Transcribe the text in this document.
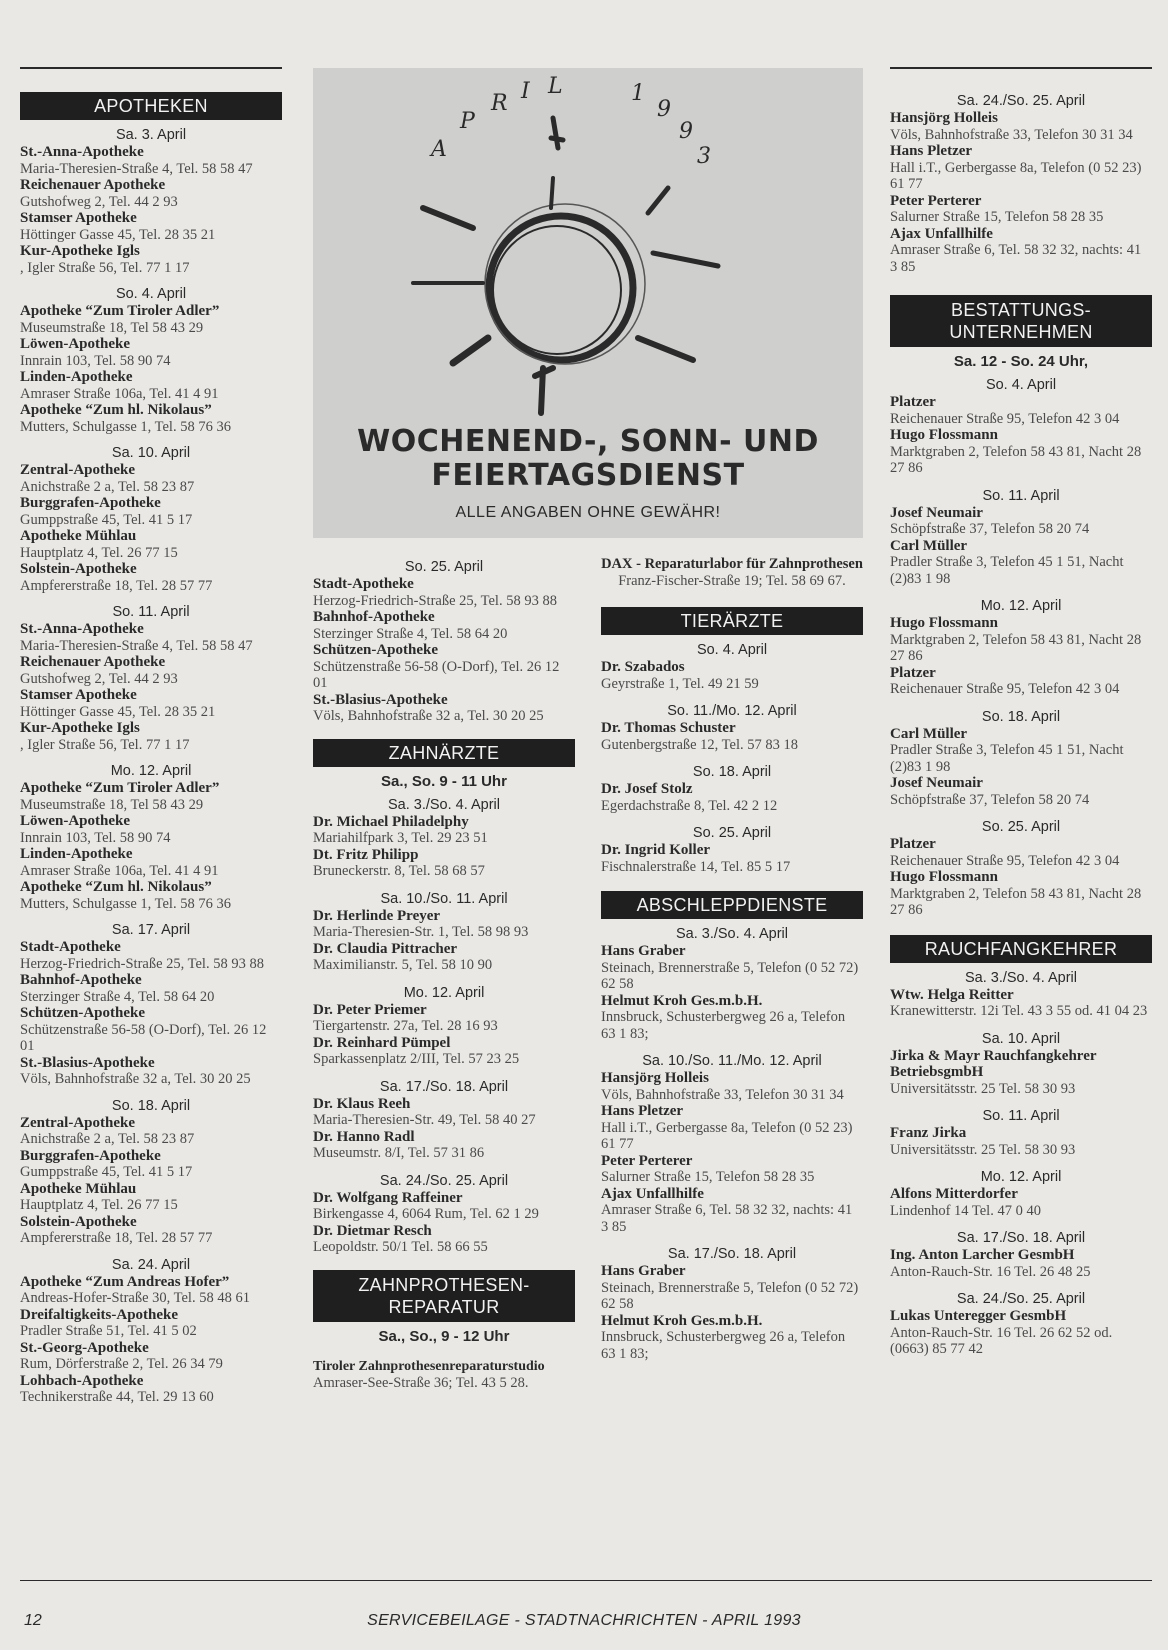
APOTHEKEN
Sa. 3. April
St.-Anna-Apotheke
Maria-Theresien-Straße 4, Tel. 58 58 47
Reichenauer Apotheke
Gutshofweg 2, Tel. 44 2 93
Stamser Apotheke
Höttinger Gasse 45, Tel. 28 35 21
Kur-Apotheke Igls
, Igler Straße 56, Tel. 77 1 17
So. 4. April
Apotheke “Zum Tiroler Adler”
Museumstraße 18, Tel 58 43 29
Löwen-Apotheke
Innrain 103, Tel. 58 90 74
Linden-Apotheke
Amraser Straße 106a, Tel. 41 4 91
Apotheke “Zum hl. Nikolaus”
Mutters, Schulgasse 1, Tel. 58 76 36
Sa. 10. April
Zentral-Apotheke
Anichstraße 2 a, Tel. 58 23 87
Burggrafen-Apotheke
Gumppstraße 45, Tel. 41 5 17
Apotheke Mühlau
Hauptplatz 4, Tel. 26 77 15
Solstein-Apotheke
Ampfererstraße 18, Tel. 28 57 77
So. 11. April
St.-Anna-Apotheke
Maria-Theresien-Straße 4, Tel. 58 58 47
Reichenauer Apotheke
Gutshofweg 2, Tel. 44 2 93
Stamser Apotheke
Höttinger Gasse 45, Tel. 28 35 21
Kur-Apotheke Igls
, Igler Straße 56, Tel. 77 1 17
Mo. 12. April
Apotheke “Zum Tiroler Adler”
Museumstraße 18, Tel 58 43 29
Löwen-Apotheke
Innrain 103, Tel. 58 90 74
Linden-Apotheke
Amraser Straße 106a, Tel. 41 4 91
Apotheke “Zum hl. Nikolaus”
Mutters, Schulgasse 1, Tel. 58 76 36
Sa. 17. April
Stadt-Apotheke
Herzog-Friedrich-Straße 25, Tel. 58 93 88
Bahnhof-Apotheke
Sterzinger Straße 4, Tel. 58 64 20
Schützen-Apotheke
Schützenstraße 56-58 (O-Dorf), Tel. 26 12 01
St.-Blasius-Apotheke
Völs, Bahnhofstraße 32 a, Tel. 30 20 25
So. 18. April
Zentral-Apotheke
Anichstraße 2 a, Tel. 58 23 87
Burggrafen-Apotheke
Gumppstraße 45, Tel. 41 5 17
Apotheke Mühlau
Hauptplatz 4, Tel. 26 77 15
Solstein-Apotheke
Ampfererstraße 18, Tel. 28 57 77
Sa. 24. April
Apotheke “Zum Andreas Hofer”
Andreas-Hofer-Straße 30, Tel. 58 48 61
Dreifaltigkeits-Apotheke
Pradler Straße 51, Tel. 41 5 02
St.-Georg-Apotheke
Rum, Dörferstraße 2, Tel. 26 34 79
Lohbach-Apotheke
Technikerstraße 44, Tel. 29 13 60
A
P
R I L	1
9
9
3
WOCHENEND-, SONN- UND
FEIERTAGSDIENST
ALLE ANGABEN OHNE GEWÄHR!
So. 25. April
Stadt-Apotheke
Herzog-Friedrich-Straße 25, Tel. 58 93 88
Bahnhof-Apotheke
Sterzinger Straße 4, Tel. 58 64 20
Schützen-Apotheke
Schützenstraße 56-58 (O-Dorf), Tel. 26 12 01
St.-Blasius-Apotheke
Völs, Bahnhofstraße 32 a, Tel. 30 20 25
ZAHNÄRZTE
Sa., So. 9 - 11 Uhr
Sa. 3./So. 4. April
Dr. Michael Philadelphy
Mariahilfpark 3, Tel. 29 23 51
Dt. Fritz Philipp
Bruneckerstr. 8, Tel. 58 68 57
Sa. 10./So. 11. April
Dr. Herlinde Preyer
Maria-Theresien-Str. 1, Tel. 58 98 93
Dr. Claudia Pittracher
Maximilianstr. 5, Tel. 58 10 90
Mo. 12. April
Dr. Peter Priemer
Tiergartenstr. 27a, Tel. 28 16 93
Dr. Reinhard Pümpel
Sparkassenplatz 2/III, Tel. 57 23 25
Sa. 17./So. 18. April
Dr. Klaus Reeh
Maria-Theresien-Str. 49, Tel. 58 40 27
Dr. Hanno Radl
Museumstr. 8/I, Tel. 57 31 86
Sa. 24./So. 25. April
Dr. Wolfgang Raffeiner
Birkengasse 4, 6064 Rum, Tel. 62 1 29
Dr. Dietmar Resch
Leopoldstr. 50/1 Tel. 58 66 55
ZAHNPROTHESEN-
REPARATUR
Sa., So., 9 - 12 Uhr
Tiroler Zahnprothesenreparaturstudio
Amraser-See-Straße 36; Tel. 43 5 28.
DAX - Reparaturlabor für Zahnprothesen
Franz-Fischer-Straße 19; Tel. 58 69 67.
TIERÄRZTE
So. 4. April
Dr. Szabados
Geyrstraße 1, Tel. 49 21 59
So. 11./Mo. 12. April
Dr. Thomas Schuster
Gutenbergstraße 12, Tel. 57 83 18
So. 18. April
Dr. Josef Stolz
Egerdachstraße 8, Tel. 42 2 12
So. 25. April
Dr. Ingrid Koller
Fischnalerstraße 14, Tel. 85 5 17
ABSCHLEPPDIENSTE
Sa. 3./So. 4. April
Hans Graber
Steinach, Brennerstraße 5, Telefon (0 52 72) 62 58
Helmut Kroh Ges.m.b.H.
Innsbruck, Schusterbergweg 26 a, Telefon 63 1 83;
Sa. 10./So. 11./Mo. 12. April
Hansjörg Holleis
Völs, Bahnhofstraße 33, Telefon 30 31 34
Hans Pletzer
Hall i.T., Gerbergasse 8a, Telefon (0 52 23) 61 77
Peter Perterer
Salurner Straße 15, Telefon 58 28 35
Ajax Unfallhilfe
Amraser Straße 6, Tel. 58 32 32, nachts: 41 3 85
Sa. 17./So. 18. April
Hans Graber
Steinach, Brennerstraße 5, Telefon (0 52 72) 62 58
Helmut Kroh Ges.m.b.H.
Innsbruck, Schusterbergweg 26 a, Telefon 63 1 83;
Sa. 24./So. 25. April
Hansjörg Holleis
Völs, Bahnhofstraße 33, Telefon 30 31 34
Hans Pletzer
Hall i.T., Gerbergasse 8a, Telefon (0 52 23) 61 77
Peter Perterer
Salurner Straße 15, Telefon 58 28 35
Ajax Unfallhilfe
Amraser Straße 6, Tel. 58 32 32, nachts: 41 3 85
BESTATTUNGS-
UNTERNEHMEN
Sa. 12 - So. 24 Uhr,
So. 4. April
Platzer
Reichenauer Straße 95, Telefon 42 3 04
Hugo Flossmann
Marktgraben 2, Telefon 58 43 81, Nacht 28 27 86
So. 11. April
Josef Neumair
Schöpfstraße 37, Telefon 58 20 74
Carl Müller
Pradler Straße 3, Telefon 45 1 51, Nacht (2)83 1 98
Mo. 12. April
Hugo Flossmann
Marktgraben 2, Telefon 58 43 81, Nacht 28 27 86
Platzer
Reichenauer Straße 95, Telefon 42 3 04
So. 18. April
Carl Müller
Pradler Straße 3, Telefon 45 1 51, Nacht (2)83 1 98
Josef Neumair
Schöpfstraße 37, Telefon 58 20 74
So. 25. April
Platzer
Reichenauer Straße 95, Telefon 42 3 04
Hugo Flossmann
Marktgraben 2, Telefon 58 43 81, Nacht 28 27 86
RAUCHFANGKEHRER
Sa. 3./So. 4. April
Wtw. Helga Reitter
Kranewitterstr. 12i Tel. 43 3 55 od. 41 04 23
Sa. 10. April
Jirka & Mayr Rauchfangkehrer BetriebsgmbH
Universitätsstr. 25 Tel. 58 30 93
So. 11. April
Franz Jirka
Universitätsstr. 25 Tel. 58 30 93
Mo. 12. April
Alfons Mitterdorfer
Lindenhof 14 Tel. 47 0 40
Sa. 17./So. 18. April
Ing. Anton Larcher GesmbH
Anton-Rauch-Str. 16 Tel. 26 48 25
Sa. 24./So. 25. April
Lukas Unteregger GesmbH
Anton-Rauch-Str. 16 Tel. 26 62 52 od. (0663) 85 77 42
12	SERVICEBEILAGE - STADTNACHRICHTEN - APRIL 1993
